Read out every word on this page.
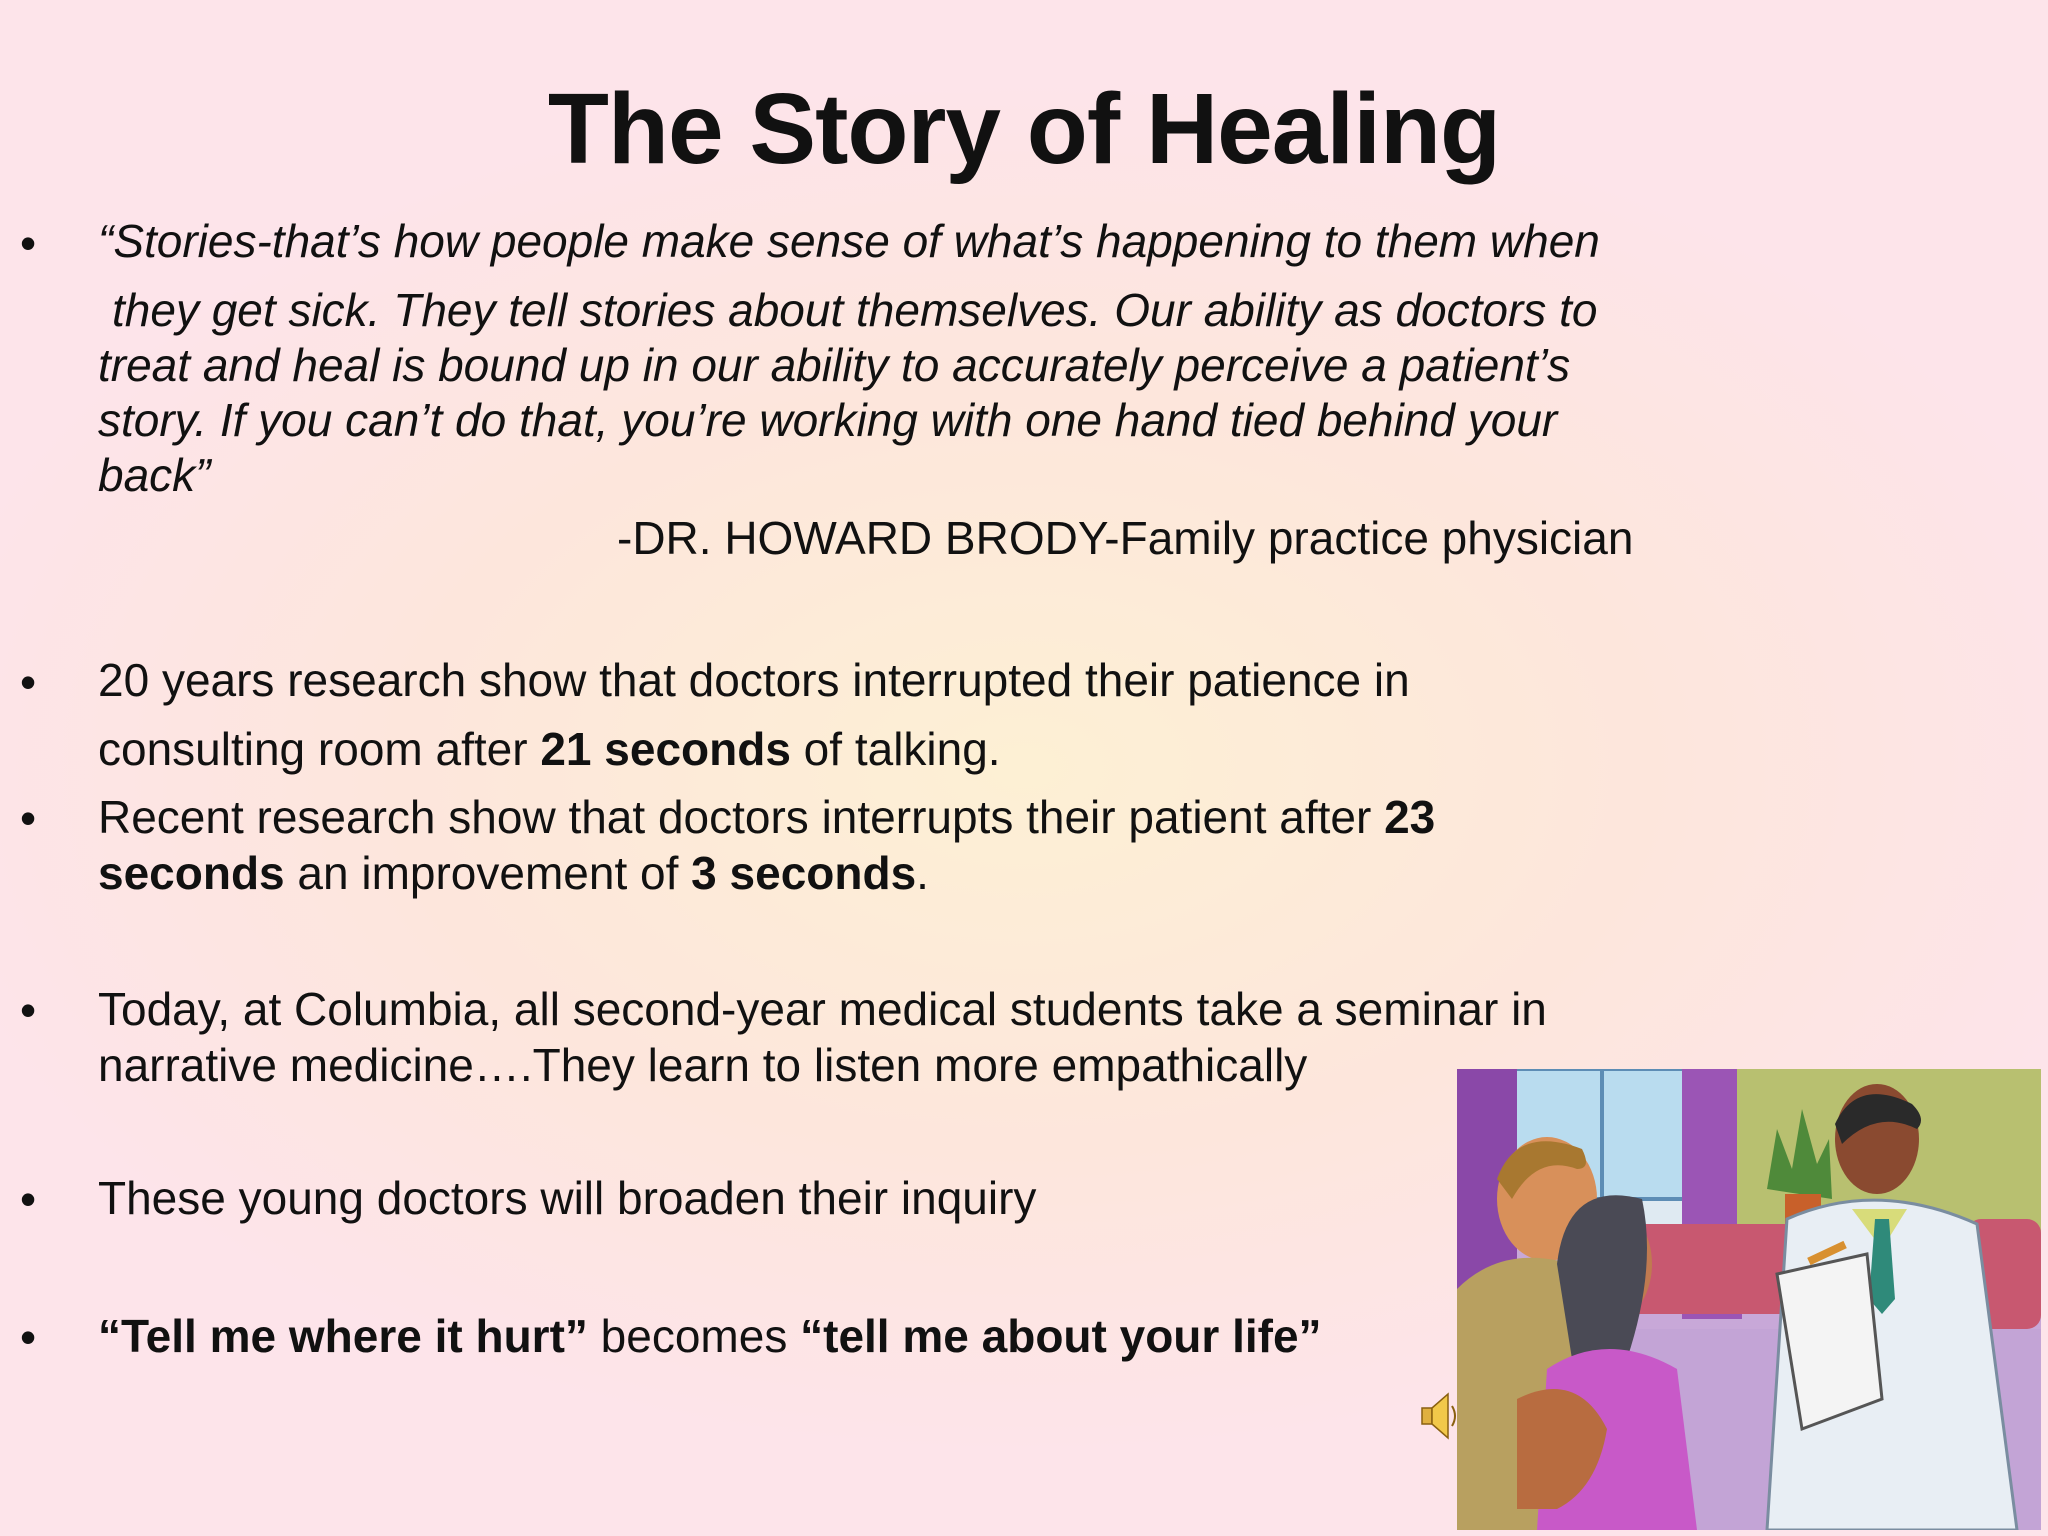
The Story of Healing
• “Stories-that’s how people make sense of what’s happening to them when
they get sick. They tell stories about themselves. Our ability as doctors to
treat and heal is bound up in our ability to accurately perceive a patient’s
story. If you can’t do that, you’re working with one hand tied behind your
back”
-DR. HOWARD BRODY-Family practice physician
• 20 years research show that doctors interrupted their patience in
consulting room after 21 seconds of talking.
• Recent research show that doctors interrupts their patient after 23
seconds an improvement of 3 seconds.
• Today, at Columbia, all second-year medical students take a seminar in
narrative medicine….They learn to listen more empathically
• These young doctors will broaden their inquiry
• “Tell me where it hurt” becomes “tell me about your life”
